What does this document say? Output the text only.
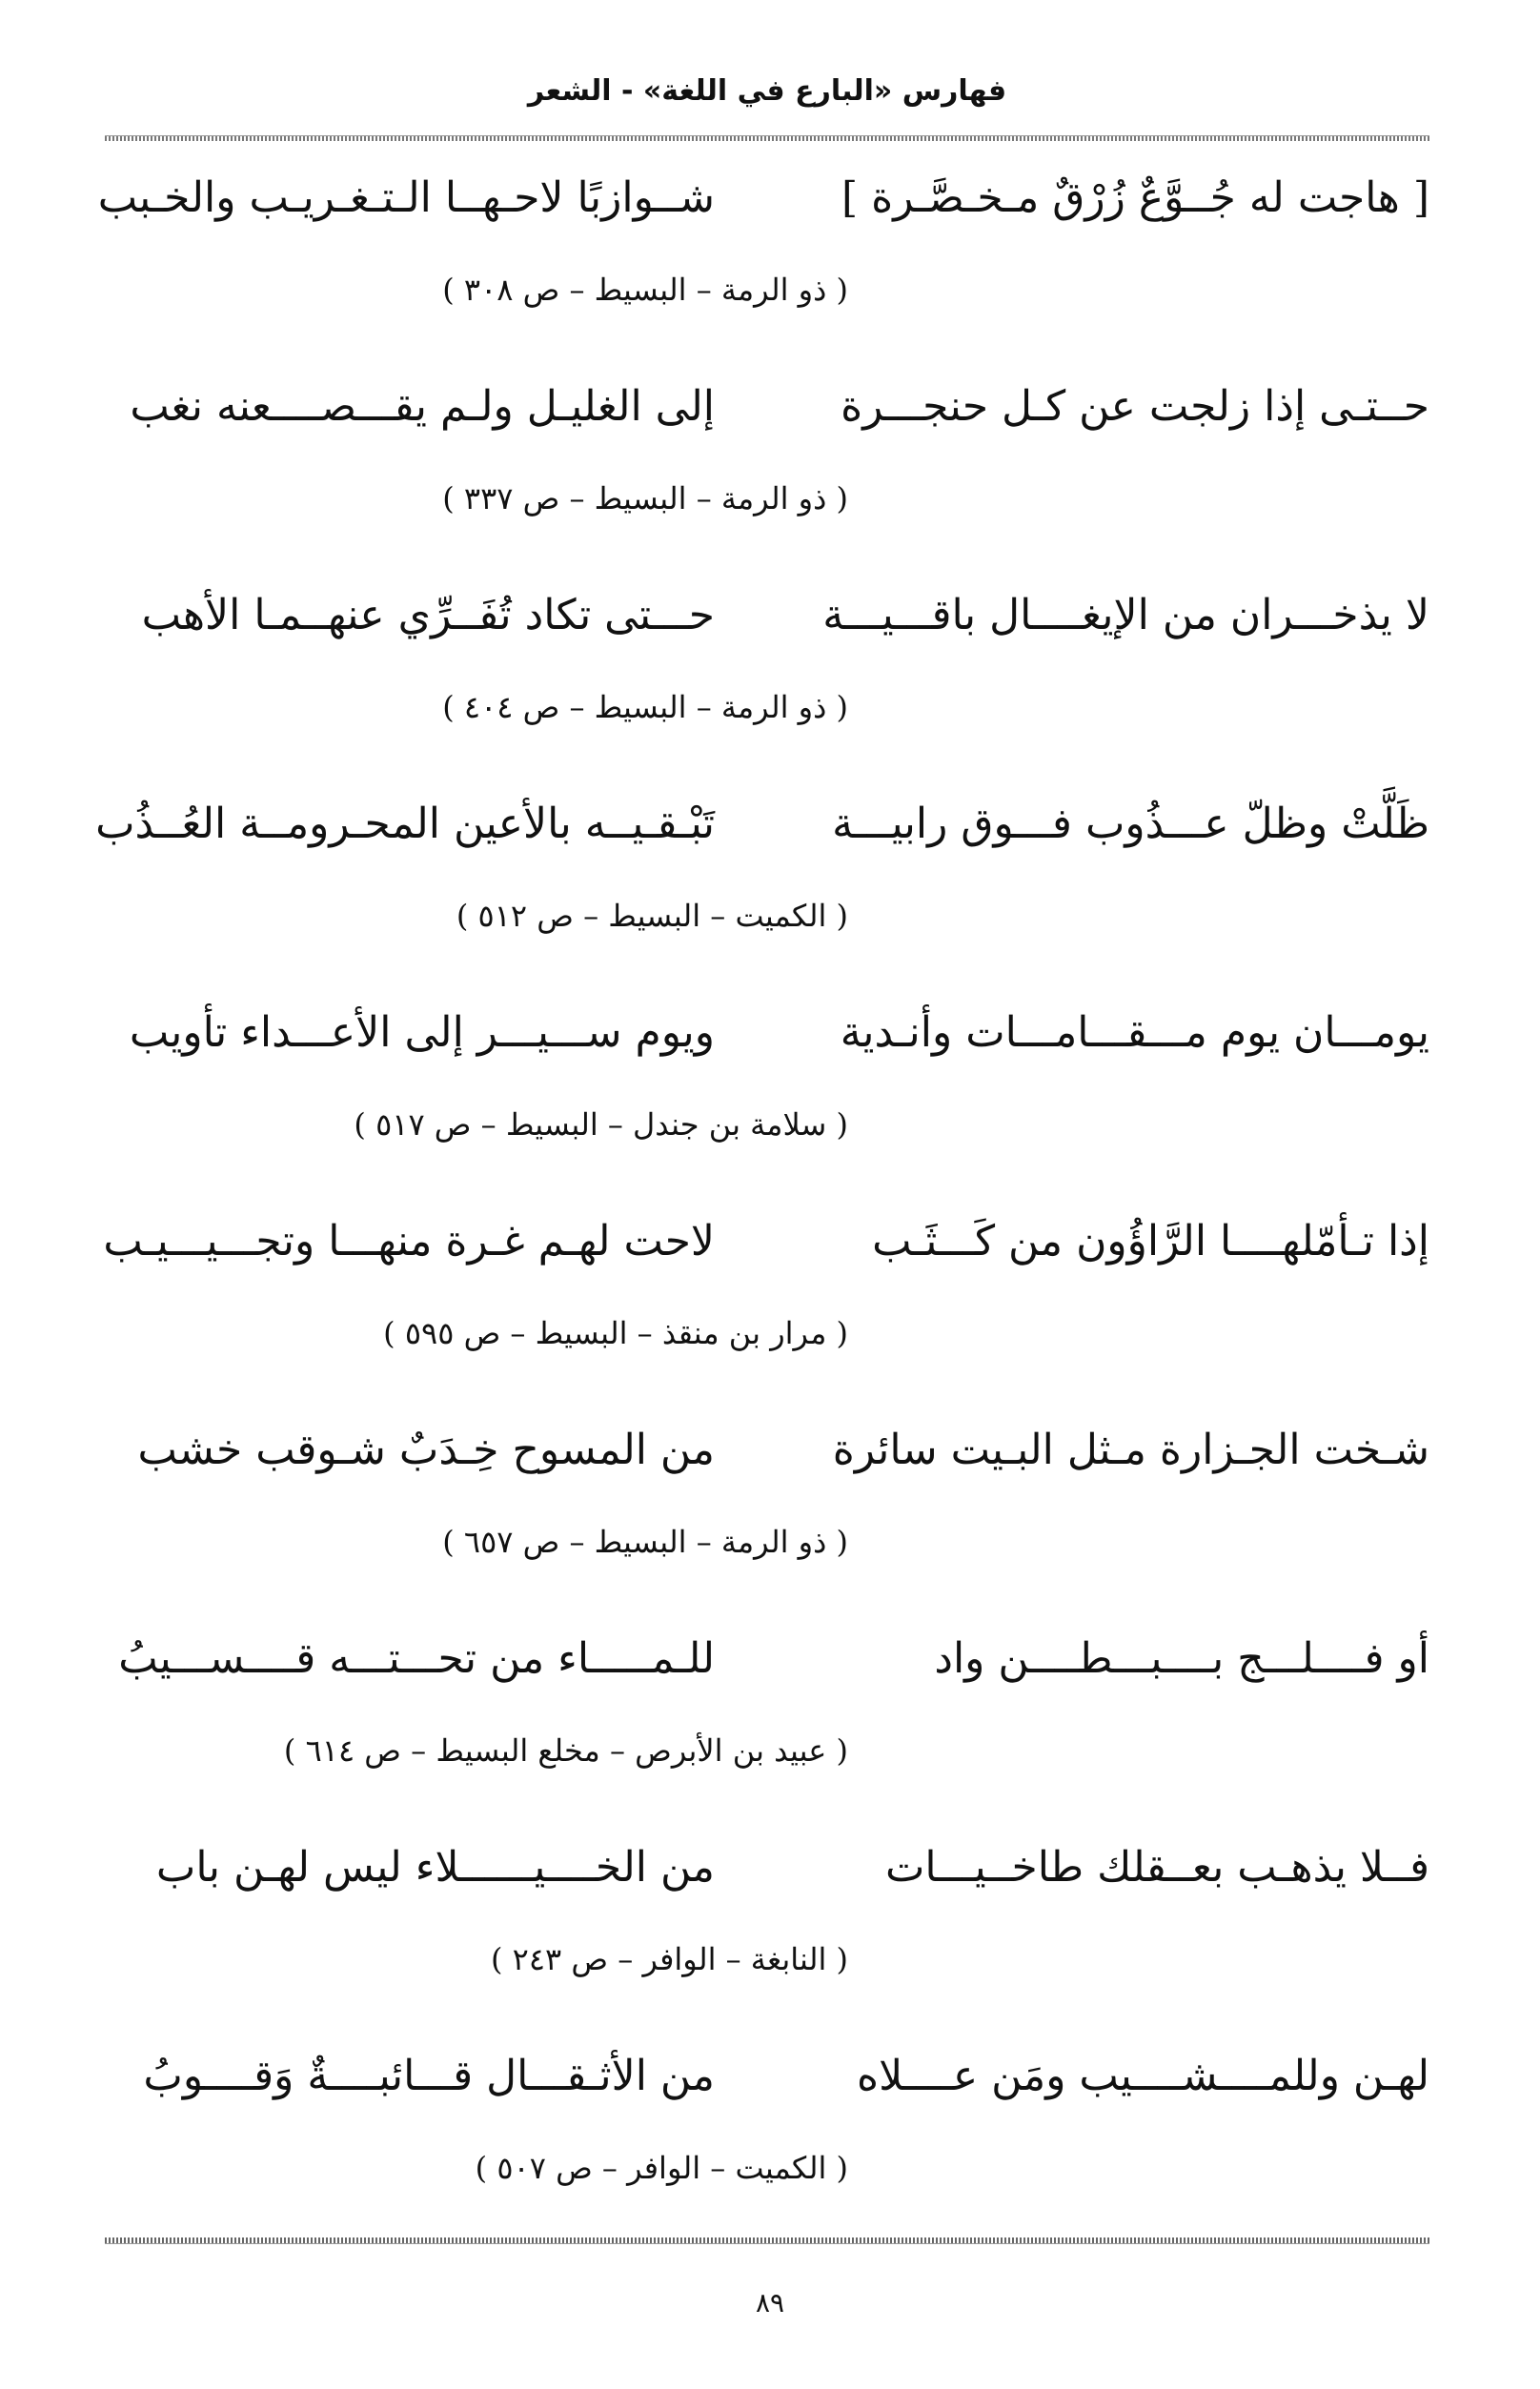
فهارس «البارع في اللغة» - الشعر
[ هاجت له جُــوَّعٌ زُرْقٌ مـخـصَّـرة ]
شــوازبًا لاحـهــا الـتـغـريـب والخـبب
( ذو الرمة – البسيط – ص ٣٠٨ )
حــتـى إذا زلجت عن كـل حنجـــرة
إلى الغليـل ولـم يقـــصــــعنه نغب
( ذو الرمة – البسيط – ص ٣٣٧ )
لا يذخـــران من الإيغــــال باقـــيـــة
حـــتى تكاد تُفَــرِّي عنهــمـا الأهب
( ذو الرمة – البسيط – ص ٤٠٤ )
ظَلَّتْ وظلّ عـــذُوب فـــوق رابيـــة
تَبْـقـيــه بالأعين المحـرومــة العُــذُب
( الكميت – البسيط – ص ٥١٢ )
يومـــان يوم مـــقـــامـــات وأنـدية
ويوم ســـيـــر إلى الأعـــداء تأويب
( سلامة بن جندل – البسيط – ص ٥١٧ )
إذا تـأمّلهــــا الرَّاؤُون من كَـــثَـب
لاحت لهـم غـرة منهـــا وتجـــيـــيـب
( مرار بن منقذ – البسيط – ص ٥٩٥ )
شـخت الجـزارة مـثل البـيت سائرة
من المسوح خِـدَبٌ شـوقب خشب
( ذو الرمة – البسيط – ص ٦٥٧ )
أو فــــلـــج بــــبـــطــــن واد
للـمـــــاء من تحـــتـــه قــــســـيبُ
( عبيد بن الأبرص – مخلع البسيط – ص ٦١٤ )
فــلا يذهـب بعــقلك طاخــيـــات
من الخــــيــــــلاء ليس لهـن باب
( النابغة – الوافر – ص ٢٤٣ )
لهـن وللمــــشــــيب ومَن عــــلاه
من الأثـقـــال قـــائبــــةٌ وَقــــوبُ
( الكميت – الوافر – ص ٥٠٧ )
٨٩
